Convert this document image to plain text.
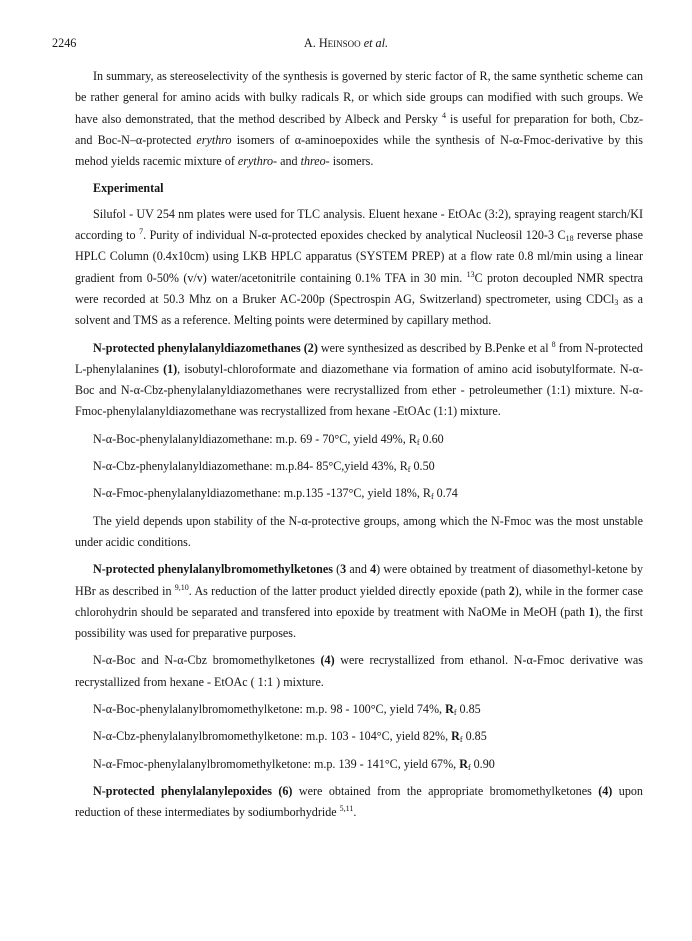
2246	A. Heinsoo et al.

In summary, as stereoselectivity of the synthesis is governed by steric factor of R, the same synthetic scheme can be rather general for amino acids with bulky radicals R, or which side groups can modified with such groups. We have also demonstrated, that the method described by Albeck and Persky $^4$ is useful for preparation for both, Cbz- and Boc-N–α-protected erythro isomers of α-aminoepoxides while the synthesis of N-α-Fmoc-derivative by this mehod yields racemic mixture of erythro- and threo- isomers.

Experimental

Silufol - UV 254 nm plates were used for TLC analysis. Eluent hexane - EtOAc (3:2), spraying reagent starch/KI according to $^7$. Purity of individual N-α-protected epoxides checked by analytical Nucleosil 120-3 $C_{18}$ reverse phase HPLC Column (0.4x10cm) using LKB HPLC apparatus (SYSTEM PREP) at a flow rate 0.8 ml/min using a linear gradient from 0-50% (v/v) water/acetonitrile containing 0.1% TFA in 30 min. $^{13}$C proton decoupled NMR spectra were recorded at 50.3 Mhz on a Bruker AC-200p (Spectrospin AG, Switzerland) spectrometer, using CDCl$_3$ as a solvent and TMS as a reference. Melting points were determined by capillary method.

N-protected phenylalanyldiazomethanes (2) were synthesized as described by B.Penke et al $^8$ from N-protected L-phenylalanines (1), isobutyl-chloroformate and diazomethane via formation of amino acid isobutylformate. N-α-Boc and N-α-Cbz-phenylalanyldiazomethanes were recrystallized from ether - petroleumether (1:1) mixture. N-α-Fmoc-phenylalanyldiazomethane was recrystallized from hexane -EtOAc (1:1) mixture.

N-α-Boc-phenylalanyldiazomethane: m.p. 69 - 70°C, yield 49%, $R_f$ 0.60
N-α-Cbz-phenylalanyldiazomethane: m.p.84- 85°C,yield 43%, $R_f$ 0.50
N-α-Fmoc-phenylalanyldiazomethane: m.p.135 -137°C, yield 18%, $R_f$ 0.74

The yield depends upon stability of the N-α-protective groups, among which the N-Fmoc was the most unstable under acidic conditions.

N-protected phenylalanylbromomethylketones (3 and 4) were obtained by treatment of diasomethyl-ketone by HBr as described in $^{9,10}$. As reduction of the latter product yielded directly epoxide (path 2), while in the former case chlorohydrin should be separated and transfered into epoxide by treatment with NaOMe in MeOH (path 1), the first possibility was used for preparative purposes.

N-α-Boc and N-α-Cbz bromomethylketones (4) were recrystallized from ethanol. N-α-Fmoc derivative was recrystallized from hexane - EtOAc ( 1:1 ) mixture.

N-α-Boc-phenylalanylbromomethylketone: m.p. 98 - 100°C, yield 74%, $R_f$ 0.85
N-α-Cbz-phenylalanylbromomethylketone: m.p. 103 - 104°C, yield 82%, $R_f$ 0.85
N-α-Fmoc-phenylalanylbromomethylketone: m.p. 139 - 141°C, yield 67%, $R_f$ 0.90

N-protected phenylalanylepoxides (6) were obtained from the appropriate bromomethylketones (4) upon reduction of these intermediates by sodiumborhydride $^{5,11}$.
